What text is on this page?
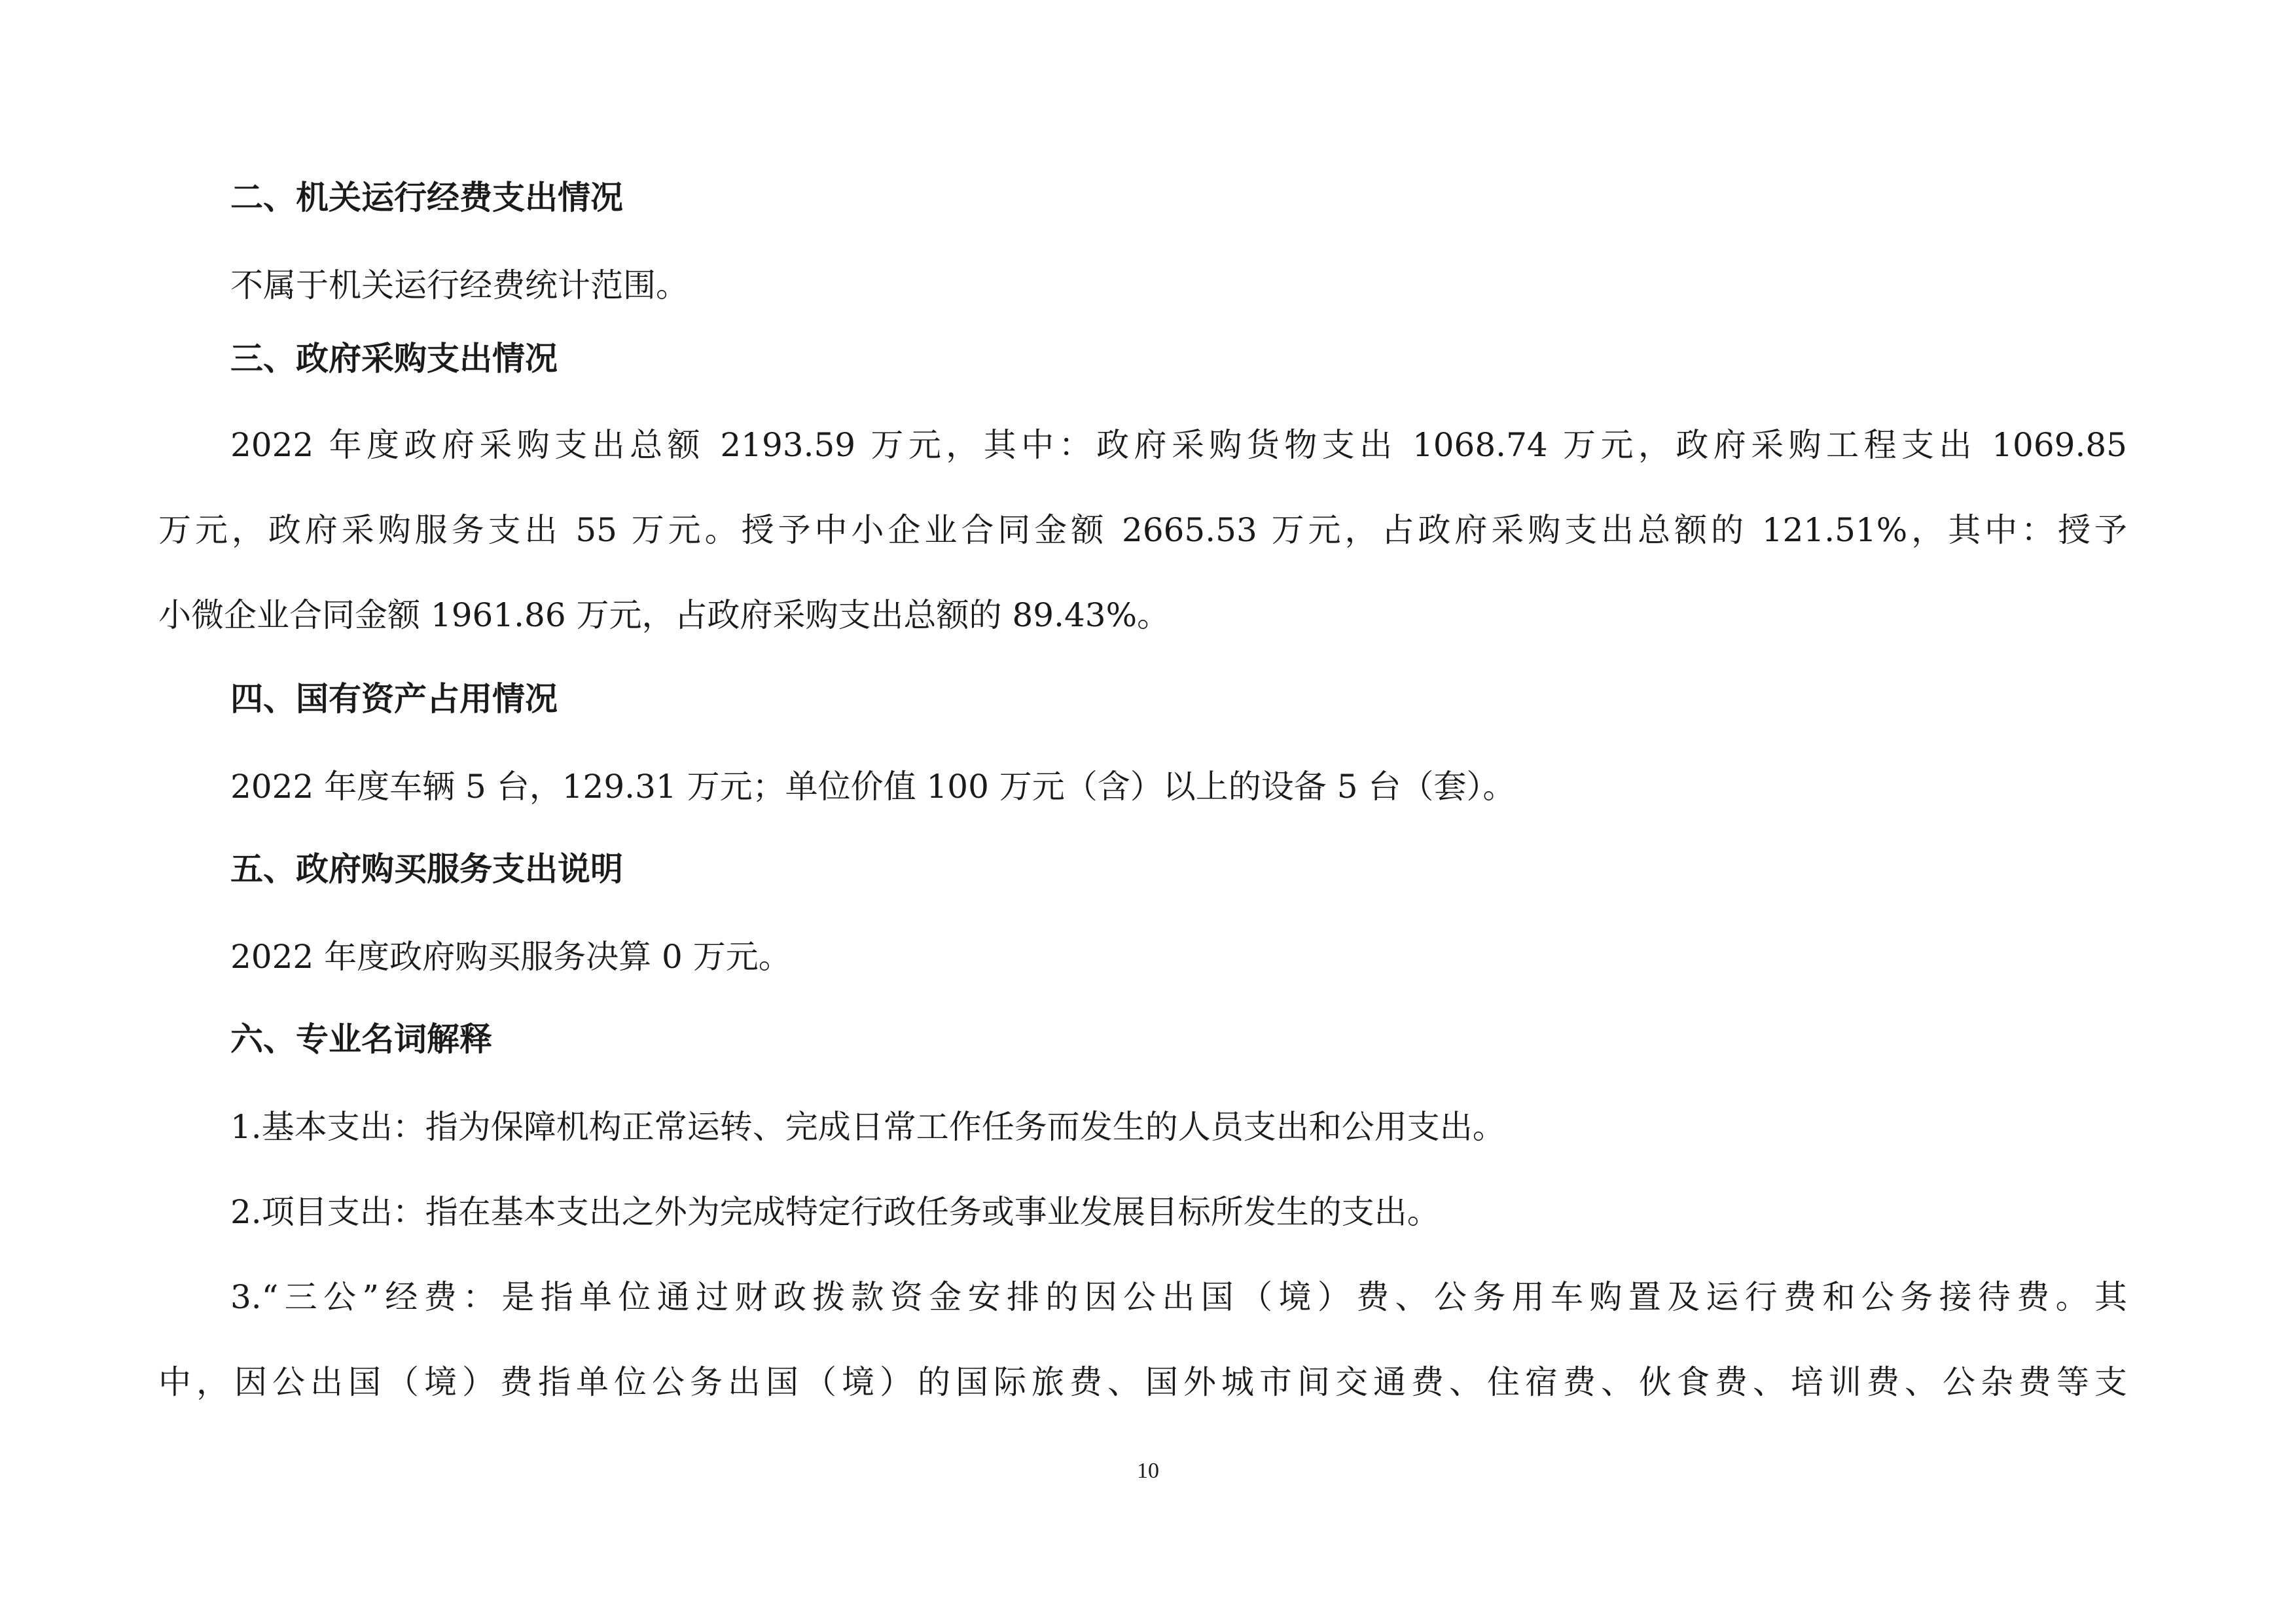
二、机关运行经费支出情况
不属于机关运行经费统计范围。
三、政府采购支出情况
2022 年度政府采购支出总额 2193.59 万元，其中：政府采购货物支出 1068.74 万元，政府采购工程支出 1069.85
万元，政府采购服务支出 55 万元。授予中小企业合同金额 2665.53 万元，占政府采购支出总额的 121.51%，其中：授予
小微企业合同金额 1961.86 万元，占政府采购支出总额的 89.43%。
四、国有资产占用情况
2022 年度车辆 5 台，129.31 万元；单位价值 100 万元（含）以上的设备 5 台（套）。
五、政府购买服务支出说明
2022 年度政府购买服务决算 0 万元。
六、专业名词解释
1.基本支出：指为保障机构正常运转、完成日常工作任务而发生的人员支出和公用支出。
2.项目支出：指在基本支出之外为完成特定行政任务或事业发展目标所发生的支出。
3.“三公”经费：是指单位通过财政拨款资金安排的因公出国（境）费、公务用车购置及运行费和公务接待费。其
中，因公出国（境）费指单位公务出国（境）的国际旅费、国外城市间交通费、住宿费、伙食费、培训费、公杂费等支
10
